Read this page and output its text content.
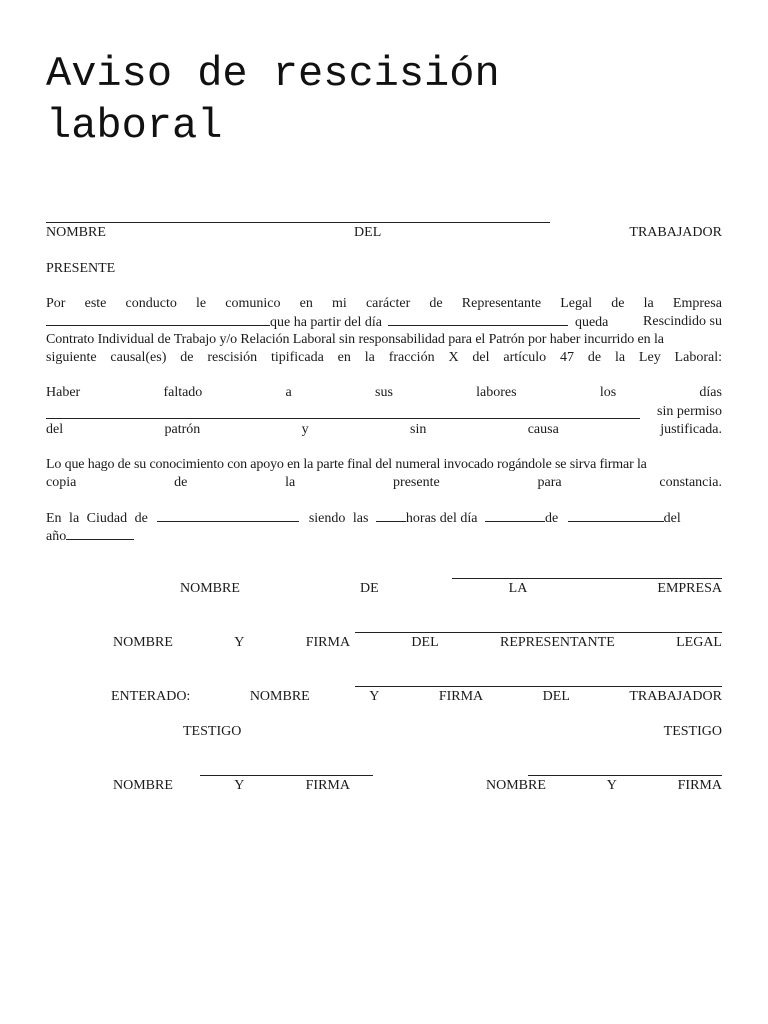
Aviso de rescisión
laboral
NOMBRE	DEL	TRABAJADOR
PRESENTE
Por este conducto le comunico en mi carácter de Representante Legal de la Empresa
que ha partir del día	queda Rescindido su
Contrato Individual de Trabajo y/o Relación Laboral sin responsabilidad para el Patrón por haber incurrido en la
siguiente causal(es) de rescisión tipificada en la fracción X del artículo 47 de la Ley Laboral:
Haber	faltado	a	sus	labores	los	días
sin permiso
del	patrón	y	sin	causa	justificada.
Lo que hago de su conocimiento con apoyo en la parte final del numeral invocado rogándole se sirva firmar la
copia	de	la	presente	para	constancia.
En la Ciudad de	siendo las	horas del día	de	del
año
NOMBRE	DE	LA	EMPRESA
NOMBRE	Y	FIRMA	DEL	REPRESENTANTE	LEGAL
ENTERADO:	NOMBRE	Y	FIRMA	DEL	TRABAJADOR
TESTIGO	TESTIGO
NOMBRE	Y	FIRMA	NOMBRE	Y	FIRMA
